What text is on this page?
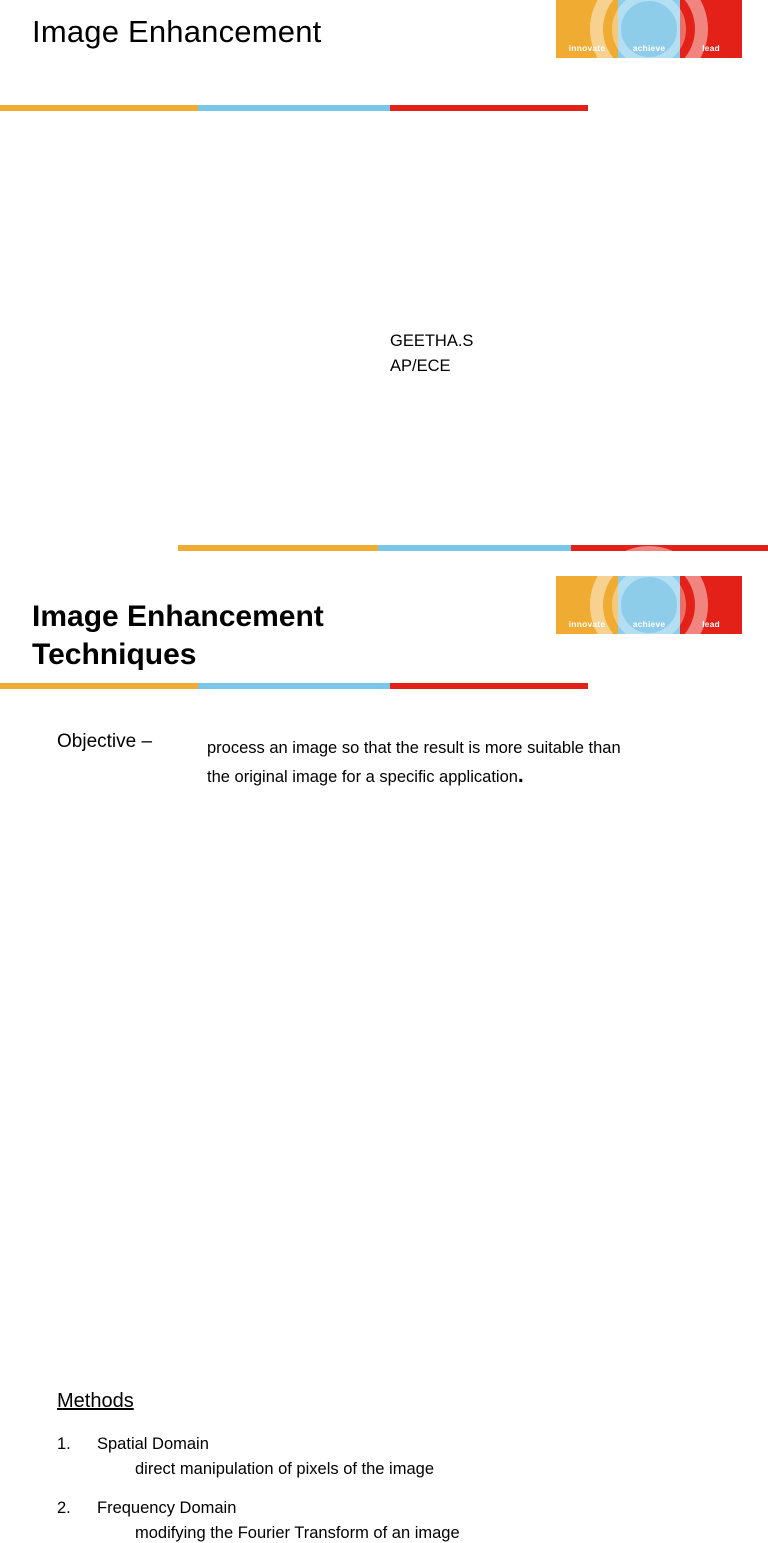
Image Enhancement	innovate	achieve	lead
GEETHA.S
AP/ECE
innovate	achieve	lead
Image Enhancement Techniques
Objective –	process an image so that the result is more suitable than the original image for a specific application.
Methods
1.	Spatial Domain
direct manipulation of pixels of the image
2.	Frequency Domain
modifying the Fourier Transform of an image
